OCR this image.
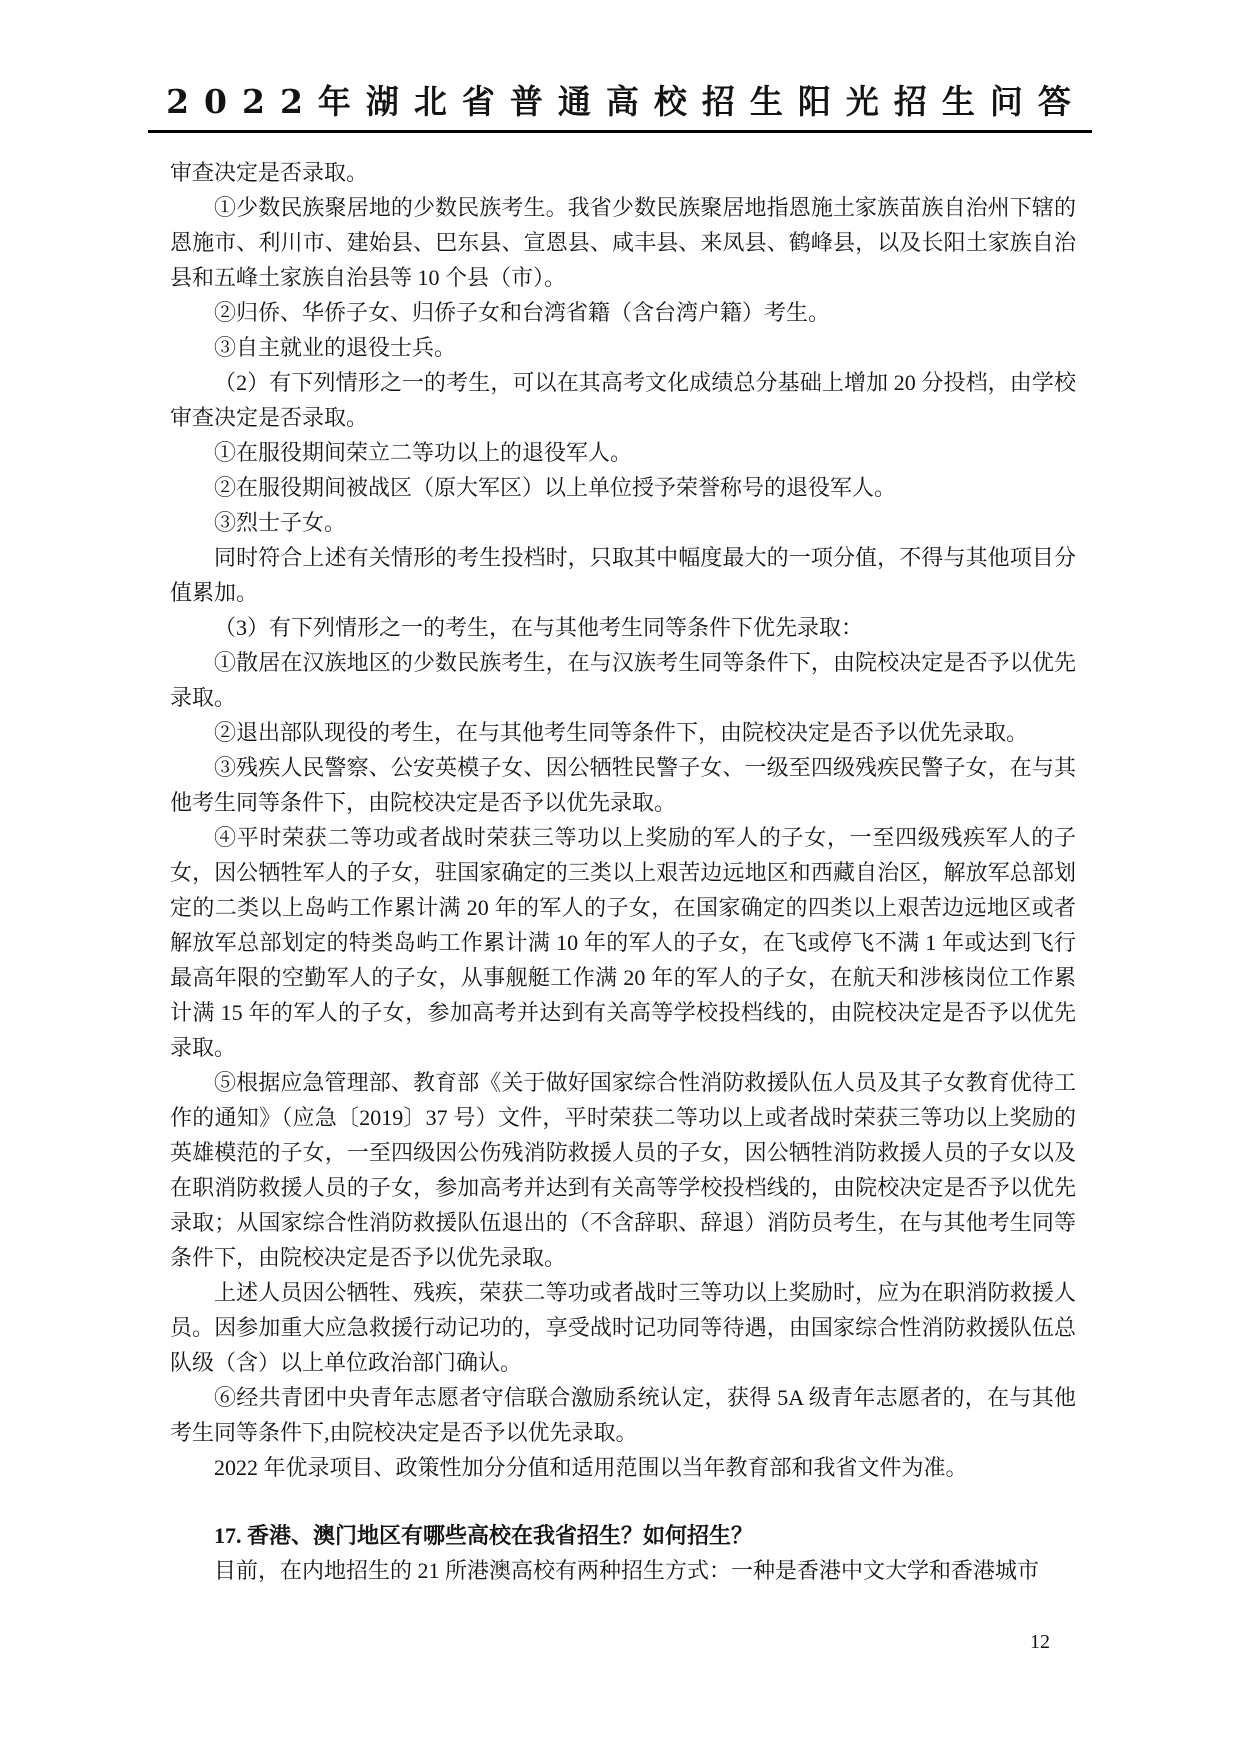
2022年湖北省普通高校招生阳光招生问答

审查决定是否录取。

①少数民族聚居地的少数民族考生。我省少数民族聚居地指恩施土家族苗族自治州下辖的恩施市、利川市、建始县、巴东县、宣恩县、咸丰县、来凤县、鹤峰县，以及长阳土家族自治县和五峰土家族自治县等 10 个县（市）。

②归侨、华侨子女、归侨子女和台湾省籍（含台湾户籍）考生。

③自主就业的退役士兵。

（2）有下列情形之一的考生，可以在其高考文化成绩总分基础上增加 20 分投档，由学校审查决定是否录取。

①在服役期间荣立二等功以上的退役军人。

②在服役期间被战区（原大军区）以上单位授予荣誉称号的退役军人。

③烈士子女。

同时符合上述有关情形的考生投档时，只取其中幅度最大的一项分值，不得与其他项目分值累加。

（3）有下列情形之一的考生，在与其他考生同等条件下优先录取：

①散居在汉族地区的少数民族考生，在与汉族考生同等条件下，由院校决定是否予以优先录取。

②退出部队现役的考生，在与其他考生同等条件下，由院校决定是否予以优先录取。

③残疾人民警察、公安英模子女、因公牺牲民警子女、一级至四级残疾民警子女，在与其他考生同等条件下，由院校决定是否予以优先录取。

④平时荣获二等功或者战时荣获三等功以上奖励的军人的子女，一至四级残疾军人的子女，因公牺牲军人的子女，驻国家确定的三类以上艰苦边远地区和西藏自治区，解放军总部划定的二类以上岛屿工作累计满 20 年的军人的子女，在国家确定的四类以上艰苦边远地区或者解放军总部划定的特类岛屿工作累计满 10 年的军人的子女，在飞或停飞不满 1 年或达到飞行最高年限的空勤军人的子女，从事舰艇工作满 20 年的军人的子女，在航天和涉核岗位工作累计满 15 年的军人的子女，参加高考并达到有关高等学校投档线的，由院校决定是否予以优先录取。

⑤根据应急管理部、教育部《关于做好国家综合性消防救援队伍人员及其子女教育优待工作的通知》（应急〔2019〕37 号）文件，平时荣获二等功以上或者战时荣获三等功以上奖励的英雄模范的子女，一至四级因公伤残消防救援人员的子女，因公牺牲消防救援人员的子女以及在职消防救援人员的子女，参加高考并达到有关高等学校投档线的，由院校决定是否予以优先录取；从国家综合性消防救援队伍退出的（不含辞职、辞退）消防员考生，在与其他考生同等条件下，由院校决定是否予以优先录取。

上述人员因公牺牲、残疾，荣获二等功或者战时三等功以上奖励时，应为在职消防救援人员。因参加重大应急救援行动记功的，享受战时记功同等待遇，由国家综合性消防救援队伍总队级（含）以上单位政治部门确认。

⑥经共青团中央青年志愿者守信联合激励系统认定，获得 5A 级青年志愿者的，在与其他考生同等条件下,由院校决定是否予以优先录取。

2022 年优录项目、政策性加分分值和适用范围以当年教育部和我省文件为准。

17. 香港、澳门地区有哪些高校在我省招生？如何招生？

目前，在内地招生的 21 所港澳高校有两种招生方式：一种是香港中文大学和香港城市

12
